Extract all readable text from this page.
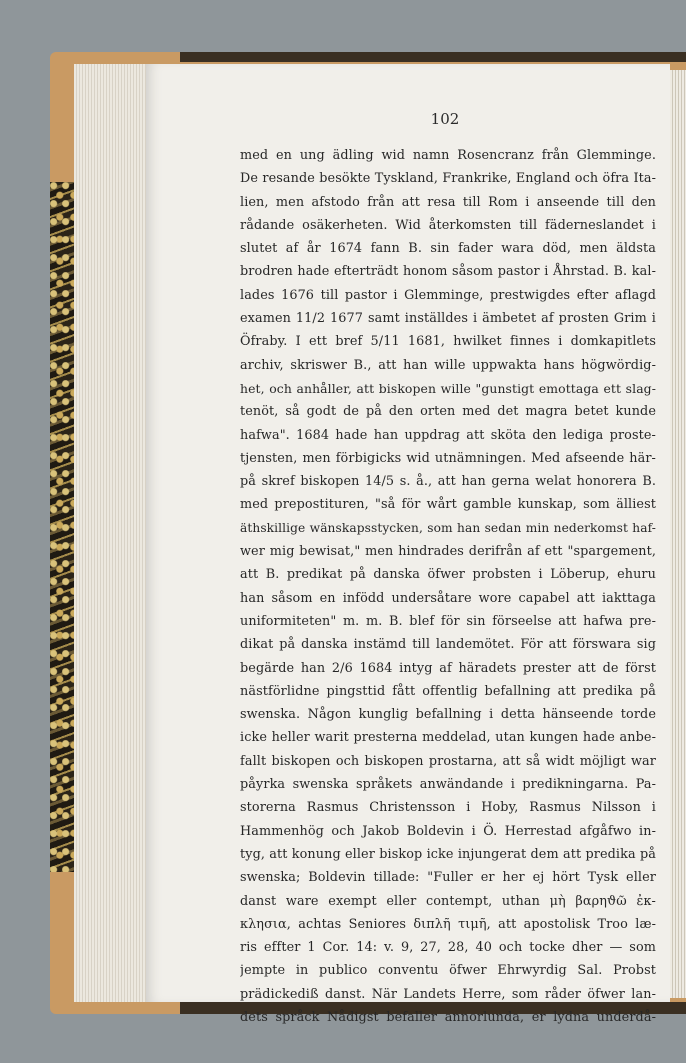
102
med en ung ädling wid namn Rosencranz från Glemminge.
De resande besökte Tyskland, Frankrike, England och öfra Ita-
lien, men afstodo från att resa till Rom i anseende till den
rådande osäkerheten. Wid återkomsten till fäderneslandet i
slutet af år 1674 fann B. sin fader wara död, men äldsta
brodren hade efterträdt honom såsom pastor i Åhrstad. B. kal-
lades 1676 till pastor i Glemminge, prestwigdes efter aflagd
examen 11/2 1677 samt inställdes i ämbetet af prosten Grim i
Öfraby. I ett bref 5/11 1681, hwilket finnes i domkapitlets
archiv, skriswer B., att han wille uppwakta hans högwördig-
het, och anhåller, att biskopen wille "gunstigt emottaga ett slag-
tenöt, så godt de på den orten med det magra betet kunde
hafwa". 1684 hade han uppdrag att sköta den lediga proste-
tjensten, men förbigicks wid utnämningen. Med afseende här-
på skref biskopen 14/5 s. å., att han gerna welat honorera B.
med prepostituren, "så för wårt gamble kunskap, som älliest
äthskillige wänskapsstycken, som han sedan min nederkomst haf-
wer mig bewisat," men hindrades derifrån af ett "spargement,
att B. predikat på danska öfwer probsten i Löberup, ehuru
han såsom en infödd undersåtare wore capabel att iakttaga
uniformiteten" m. m. B. blef för sin förseelse att hafwa pre-
dikat på danska instämd till landemötet. För att förswara sig
begärde han 2/6 1684 intyg af häradets prester att de först
nästförlidne pingsttid fått offentlig befallning att predika på
swenska. Någon kunglig befallning i detta hänseende torde
icke heller warit presterna meddelad, utan kungen hade anbe-
fallt biskopen och biskopen prostarna, att så widt möjligt war
påyrka swenska språkets anwändande i predikningarna. Pa-
storerna Rasmus Christensson i Hoby, Rasmus Nilsson i
Hammenhög och Jakob Boldevin i Ö. Herrestad afgåfwo in-
tyg, att konung eller biskop icke injungerat dem att predika på
swenska; Boldevin tillade: "Fuller er her ej hört Tysk eller
danst ware exempt eller contempt, uthan μὴ βαρηϑῶ ἐκ-
κλησια, achtas Seniores διπλῆ τιμῆ, att apostolisk Troo læ-
ris effter 1 Cor. 14: v. 9, 27, 28, 40 och tocke dher — som
jempte in publico conventu öfwer Ehrwyrdig Sal. Probst
prädickediß danst. När Landets Herre, som råder öfwer lan-
dets språck Nådigst befaller annorlunda, er lydna underdå-
